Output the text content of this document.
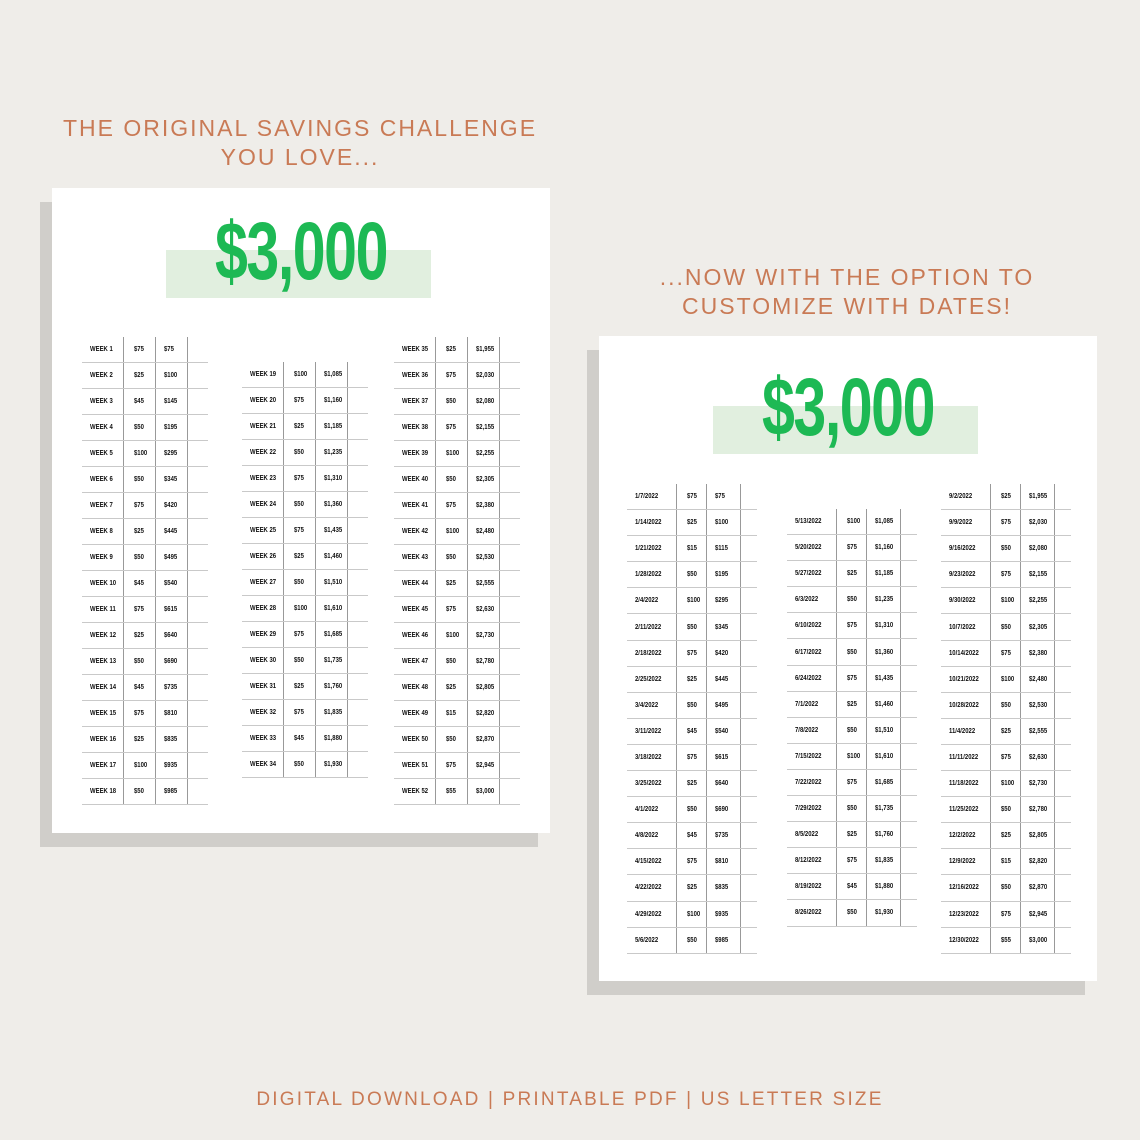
THE ORIGINAL SAVINGS CHALLENGE
YOU LOVE...
...NOW WITH THE OPTION TO
CUSTOMIZE WITH DATES!
$3,000
WEEK 1	$75	$75
WEEK 2	$25	$100
WEEK 3	$45	$145
WEEK 4	$50	$195
WEEK 5	$100 $295
WEEK 6	$50	$345
WEEK 7	$75	$420
WEEK 8	$25	$445
WEEK 9	$50	$495
WEEK 10	$45	$540
WEEK 11	$75	$615
WEEK 12	$25	$640
WEEK 13	$50	$690
WEEK 14	$45	$735
WEEK 15	$75	$810
WEEK 16	$25	$835
WEEK 17	$100 $935
WEEK 18	$50	$985
WEEK 19	$100 $1,085
WEEK 20	$75	$1,160
WEEK 21	$25	$1,185
WEEK 22	$50	$1,235
WEEK 23	$75	$1,310
WEEK 24	$50	$1,360
WEEK 25	$75	$1,435
WEEK 26	$25	$1,460
WEEK 27	$50	$1,510
WEEK 28	$100 $1,610
WEEK 29	$75	$1,685
WEEK 30	$50	$1,735
WEEK 31	$25	$1,760
WEEK 32	$75	$1,835
WEEK 33	$45	$1,880
WEEK 34	$50	$1,930
WEEK 35	$25	$1,955
WEEK 36	$75	$2,030
WEEK 37	$50	$2,080
WEEK 38	$75	$2,155
WEEK 39	$100 $2,255
WEEK 40	$50	$2,305
WEEK 41	$75	$2,380
WEEK 42	$100 $2,480
WEEK 43	$50	$2,530
WEEK 44	$25	$2,555
WEEK 45	$75	$2,630
WEEK 46	$100 $2,730
WEEK 47	$50	$2,780
WEEK 48	$25	$2,805
WEEK 49	$15	$2,820
WEEK 50	$50	$2,870
WEEK 51	$75	$2,945
WEEK 52	$55	$3,000
$3,000
1/7/2022	$75	$75
1/14/2022	$25	$100
1/21/2022	$15	$115
1/28/2022	$50	$195
2/4/2022	$100 $295
2/11/2022	$50	$345
2/18/2022	$75	$420
2/25/2022	$25	$445
3/4/2022	$50	$495
3/11/2022	$45	$540
3/18/2022	$75	$615
3/25/2022	$25	$640
4/1/2022	$50	$690
4/8/2022	$45	$735
4/15/2022	$75	$810
4/22/2022	$25	$835
4/29/2022	$100 $935
5/6/2022	$50	$985
5/13/2022	$100 $1,085
5/20/2022	$75	$1,160
5/27/2022	$25	$1,185
6/3/2022	$50	$1,235
6/10/2022	$75	$1,310
6/17/2022	$50	$1,360
6/24/2022	$75	$1,435
7/1/2022	$25	$1,460
7/8/2022	$50	$1,510
7/15/2022	$100 $1,610
7/22/2022	$75	$1,685
7/29/2022	$50	$1,735
8/5/2022	$25	$1,760
8/12/2022	$75	$1,835
8/19/2022	$45	$1,880
8/26/2022	$50	$1,930
9/2/2022	$25	$1,955
9/9/2022	$75	$2,030
9/16/2022	$50	$2,080
9/23/2022	$75	$2,155
9/30/2022	$100 $2,255
10/7/2022	$50	$2,305
10/14/2022	$75	$2,380
10/21/2022	$100 $2,480
10/28/2022	$50	$2,530
11/4/2022	$25	$2,555
11/11/2022	$75	$2,630
11/18/2022	$100 $2,730
11/25/2022	$50	$2,780
12/2/2022	$25	$2,805
12/9/2022	$15	$2,820
12/16/2022	$50	$2,870
12/23/2022	$75	$2,945
12/30/2022	$55	$3,000
DIGITAL DOWNLOAD | PRINTABLE PDF | US LETTER SIZE
